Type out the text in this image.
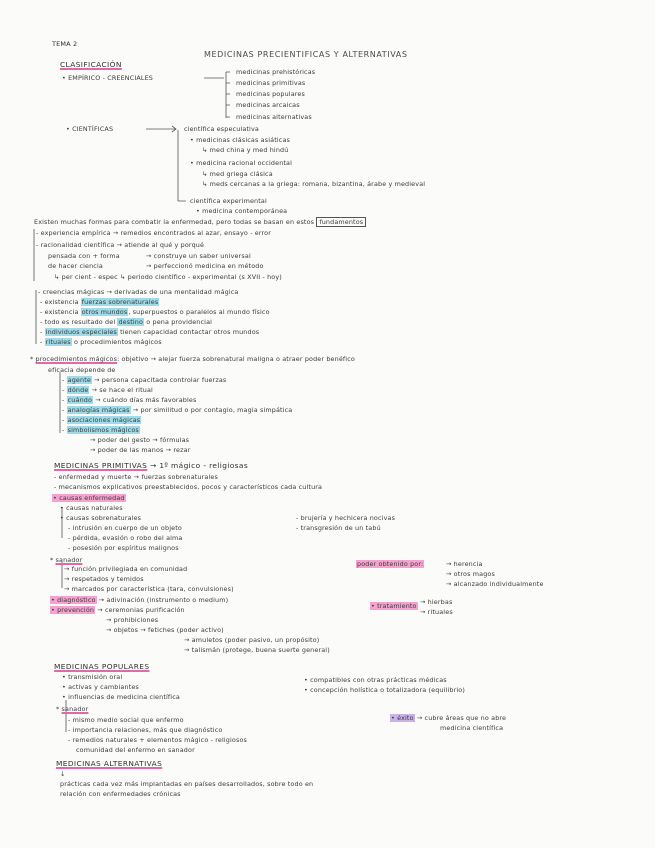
TEMA 2
MEDICINAS PRECIENTIFICAS Y ALTERNATIVAS
CLASIFICACIÓN
• EMPÍRICO - CREENCIALES
medicinas prehistóricas
medicinas primitivas
medicinas populares
medicinas arcaicas
medicinas alternativas
• CIENTÍFICAS	científica especulativa
• medicinas clásicas asiáticas
↳ med china y med hindú
• medicina racional occidental
↳ med griega clásica
↳ meds cercanas a la griega: romana, bizantina, árabe y medieval
científica experimental
• medicina contemporánea
Existen muchas formas para combatir la enfermedad, pero todas se basan en estos fundamentos
- experiencia empírica → remedios encontrados al azar, ensayo - error
- racionalidad científica → atiende al qué y porqué
pensada con + forma	→ construye un saber universal
de hacer ciencia	→ perfeccionó medicina en método
↳ per cient - espec ↳ periodo científico - experimental (s XVII - hoy)
- creencias mágicas → derivadas de una mentalidad mágica
- existencia fuerzas sobrenaturales
- existencia otros mundos, superpuestos o paralelos al mundo físico
- todo es resultado del destino o pena providencial
- individuos especiales tienen capacidad contactar otros mundos
- rituales o procedimientos mágicos
* procedimientos mágicos: objetivo → alejar fuerza sobrenatural maligna o atraer poder benéfico
eficacia depende de
- agente → persona capacitada controlar fuerzas
- dónde → se hace el ritual
- cuándo → cuándo días más favorables
- analogías mágicas → por similitud o por contagio, magia simpática
- asociaciones mágicas
- simbolismos mágicos
→ poder del gesto → fórmulas
→ poder de las manos → rezar
MEDICINAS PRIMITIVAS → 1º mágico - religiosas
- enfermedad y muerte → fuerzas sobrenaturales
- mecanismos explicativos preestablecidos, pocos y característicos cada cultura
• causas enfermedad
• causas naturales
• causas sobrenaturales
- intrusión en cuerpo de un objeto
- pérdida, evasión o robo del alma
- posesión por espíritus malignos
- brujería y hechicera nocivas
- transgresión de un tabú
* sanador
→ función privilegiada en comunidad
→ respetados y temidos
→ marcados por característica (tara, convulsiones)
poder obtenido por:	→ herencia
→ otros magos
→ alcanzado individualmente
• diagnóstico → adivinación (instrumento o medium)
• prevención → ceremonias purificación
→ prohibiciones
→ objetos → fetiches (poder activo)
→ amuletos (poder pasivo, un propósito)
→ talismán (protege, buena suerte general)
• tratamiento → hierbas
→ rituales
MEDICINAS POPULARES
• transmisión oral
• activas y cambiantes
• influencias de medicina científica
• compatibles con otras prácticas médicas
• concepción holística o totalizadora (equilibrio)
* sanador
- mismo medio social que enfermo
- importancia relaciones, más que diagnóstico
- remedios naturales + elementos mágico - religiosos
comunidad del enfermo en sanador
• éxito → cubre áreas que no abre
medicina científica
MEDICINAS ALTERNATIVAS
↓
prácticas cada vez más implantadas en países desarrollados, sobre todo en
relación con enfermedades crónicas
